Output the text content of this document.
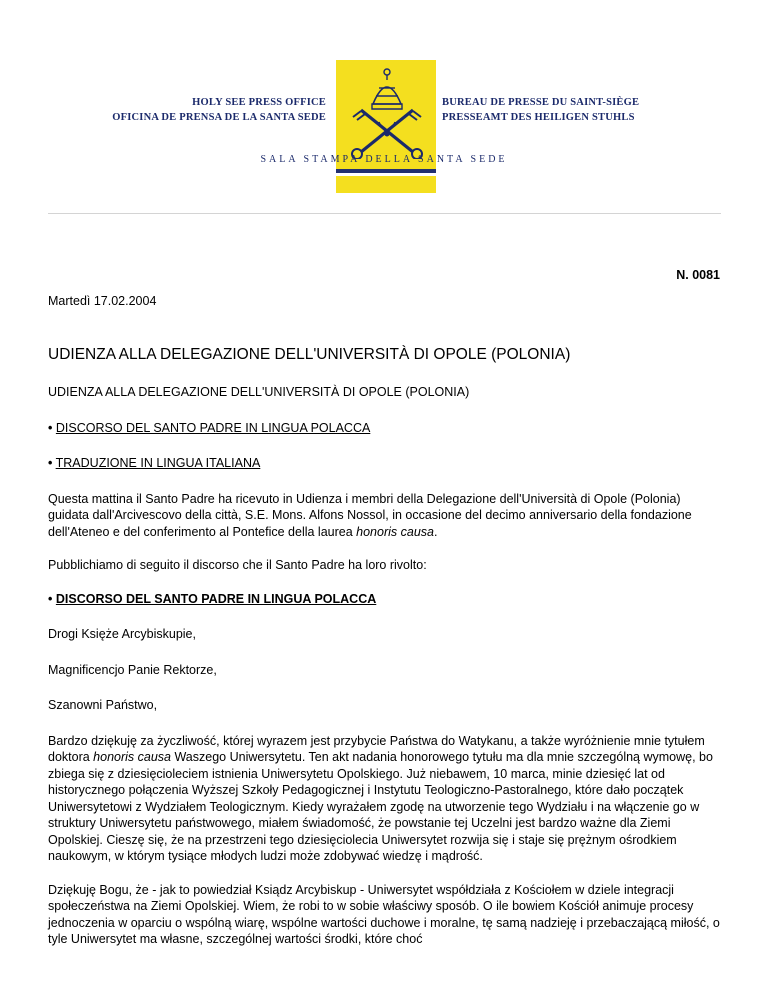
HOLY SEE PRESS OFFICE
OFICINA DE PRENSA DE LA SANTA SEDE
BUREAU DE PRESSE DU SAINT-SIÈGE
PRESSEAMT DES HEILIGEN STUHLS
SALA STAMPA DELLA SANTA SEDE
N. 0081
Martedì 17.02.2004
UDIENZA ALLA DELEGAZIONE DELL'UNIVERSITÀ DI OPOLE (POLONIA)

UDIENZA ALLA DELEGAZIONE DELL'UNIVERSITÀ DI OPOLE (POLONIA)

• DISCORSO DEL SANTO PADRE IN LINGUA POLACCA

• TRADUZIONE IN LINGUA ITALIANA

Questa mattina il Santo Padre ha ricevuto in Udienza i membri della Delegazione dell'Università di Opole (Polonia) guidata dall'Arcivescovo della città, S.E. Mons. Alfons Nossol, in occasione del decimo anniversario della fondazione dell'Ateneo e del conferimento al Pontefice della laurea honoris causa.

Pubblichiamo di seguito il discorso che il Santo Padre ha loro rivolto:

• DISCORSO DEL SANTO PADRE IN LINGUA POLACCA

Drogi Księże Arcybiskupie,

Magnificencjo Panie Rektorze,

Szanowni Państwo,

Bardzo dziękuję za życzliwość, której wyrazem jest przybycie Państwa do Watykanu, a także wyróżnienie mnie tytułem doktora honoris causa Waszego Uniwersytetu. Ten akt nadania honorowego tytułu ma dla mnie szczególną wymowę, bo zbiega się z dziesięcioleciem istnienia Uniwersytetu Opolskiego. Już niebawem, 10 marca, minie dziesięć lat od historycznego połączenia Wyższej Szkoły Pedagogicznej i Instytutu Teologiczno-Pastoralnego, które dało początek Uniwersytetowi z Wydziałem Teologicznym. Kiedy wyrażałem zgodę na utworzenie tego Wydziału i na włączenie go w struktury Uniwersytetu państwowego, miałem świadomość, że powstanie tej Uczelni jest bardzo ważne dla Ziemi Opolskiej. Cieszę się, że na przestrzeni tego dziesięciolecia Uniwersytet rozwija się i staje się prężnym ośrodkiem naukowym, w którym tysiące młodych ludzi może zdobywać wiedzę i mądrość.

Dziękuję Bogu, że - jak to powiedział Ksiądz Arcybiskup - Uniwersytet współdziała z Kościołem w dziele integracji społeczeństwa na Ziemi Opolskiej. Wiem, że robi to w sobie właściwy sposób. O ile bowiem Kościół animuje procesy jednoczenia w oparciu o wspólną wiarę, wspólne wartości duchowe i moralne, tę samą nadzieję i przebaczającą miłość, o tyle Uniwersytet ma własne, szczególnej wartości środki, które choć
